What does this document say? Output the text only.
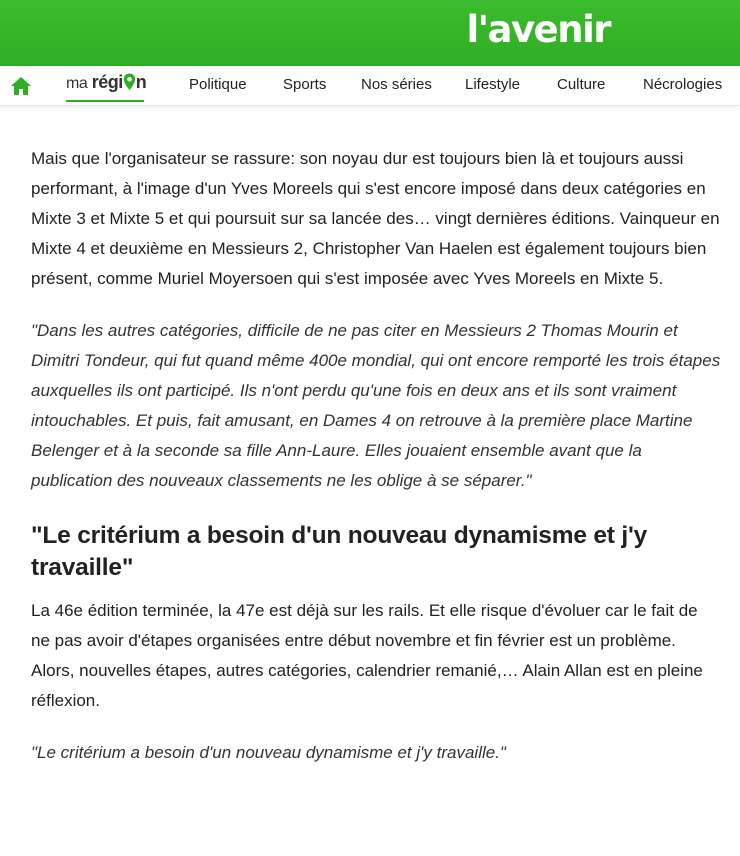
l'avenir
ma régi n	Politique Sports Nos séries Lifestyle Culture	Nécrologies

Mais que l'organisateur se rassure: son noyau dur est toujours bien là et toujours aussi performant, à l'image d'un Yves Moreels qui s'est encore imposé dans deux catégories en Mixte 3 et Mixte 5 et qui poursuit sur sa lancée des… vingt dernières éditions. Vainqueur en Mixte 4 et deuxième en Messieurs 2, Christopher Van Haelen est également toujours bien présent, comme Muriel Moyersoen qui s'est imposée avec Yves Moreels en Mixte 5.

"Dans les autres catégories, difficile de ne pas citer en Messieurs 2 Thomas Mourin et Dimitri Tondeur, qui fut quand même 400e mondial, qui ont encore remporté les trois étapes auxquelles ils ont participé. Ils n'ont perdu qu'une fois en deux ans et ils sont vraiment intouchables. Et puis, fait amusant, en Dames 4 on retrouve à la première place Martine Belenger et à la seconde sa fille Ann-Laure. Elles jouaient ensemble avant que la publication des nouveaux classements ne les oblige à se séparer."

"Le critérium a besoin d'un nouveau dynamisme et j'y travaille"

La 46e édition terminée, la 47e est déjà sur les rails. Et elle risque d'évoluer car le fait de ne pas avoir d'étapes organisées entre début novembre et fin février est un problème. Alors, nouvelles étapes, autres catégories, calendrier remanié,… Alain Allan est en pleine réflexion.

"Le critérium a besoin d'un nouveau dynamisme et j'y travaille."
